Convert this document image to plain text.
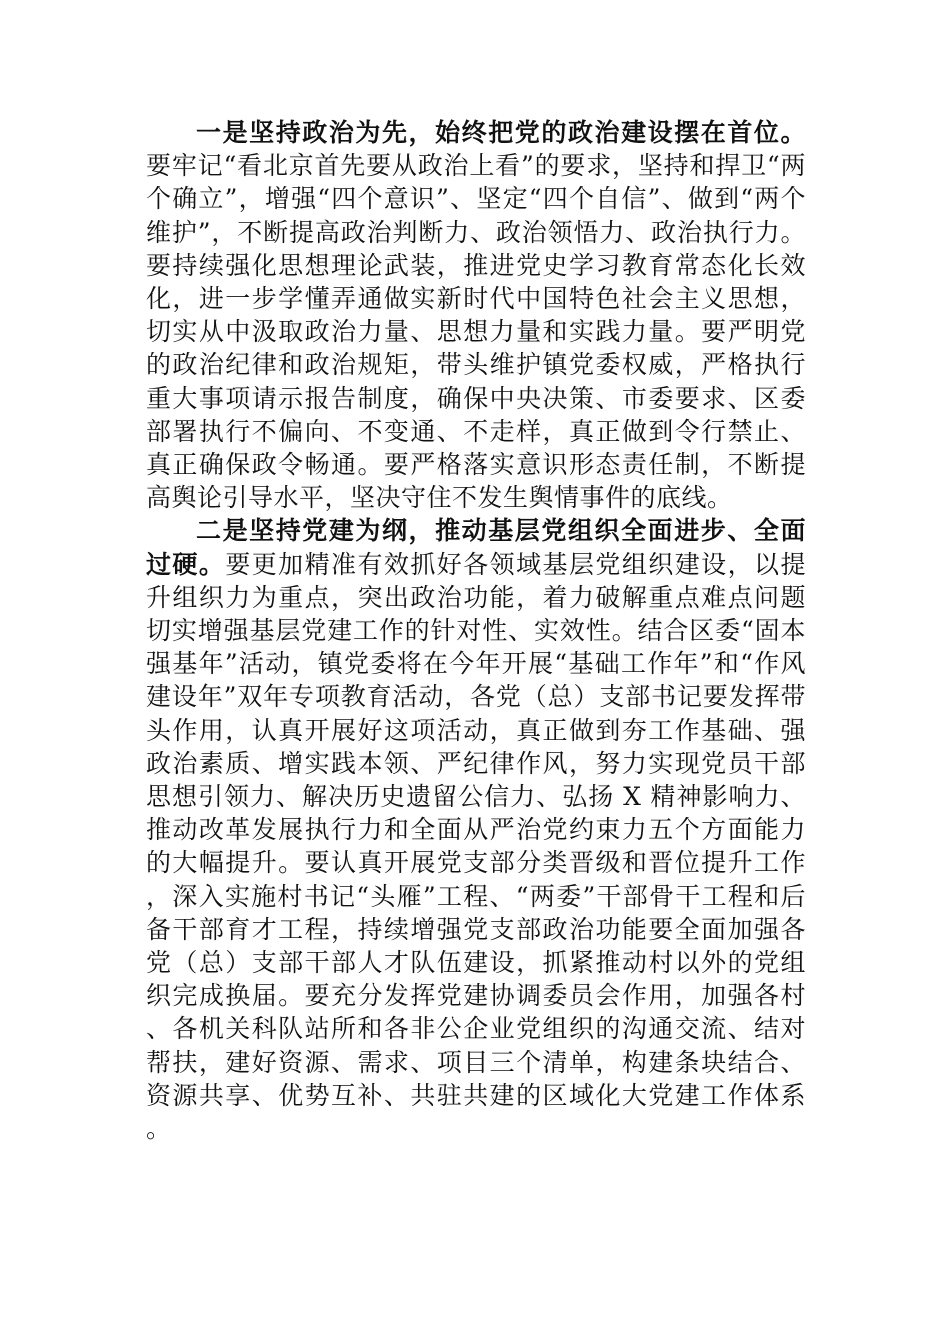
一是坚持政治为先，始终把党的政治建设摆在首位。要牢记“看北京首先要从政治上看”的要求，坚持和捍卫“两个确立”，增强“四个意识”、坚定“四个自信”、做到“两个维护”，不断提高政治判断力、政治领悟力、政治执行力。要持续强化思想理论武装，推进党史学习教育常态化长效化，进一步学懂弄通做实新时代中国特色社会主义思想，切实从中汲取政治力量、思想力量和实践力量。要严明党的政治纪律和政治规矩，带头维护镇党委权威，严格执行重大事项请示报告制度，确保中央决策、市委要求、区委部署执行不偏向、不变通、不走样，真正做到令行禁止、真正确保政令畅通。要严格落实意识形态责任制，不断提高舆论引导水平，坚决守住不发生舆情事件的底线。

二是坚持党建为纲，推动基层党组织全面进步、全面过硬。要更加精准有效抓好各领域基层党组织建设，以提升组织力为重点，突出政治功能，着力破解重点难点问题切实增强基层党建工作的针对性、实效性。结合区委“固本强基年”活动，镇党委将在今年开展“基础工作年”和“作风建设年”双年专项教育活动，各党（总）支部书记要发挥带头作用，认真开展好这项活动，真正做到夯工作基础、强政治素质、增实践本领、严纪律作风，努力实现党员干部思想引领力、解决历史遗留公信力、弘扬 X 精神影响力、推动改革发展执行力和全面从严治党约束力五个方面能力的大幅提升。要认真开展党支部分类晋级和晋位提升工作，深入实施村书记“头雁”工程、“两委”干部骨干工程和后备干部育才工程，持续增强党支部政治功能要全面加强各党（总）支部干部人才队伍建设，抓紧推动村以外的党组织完成换届。要充分发挥党建协调委员会作用，加强各村、各机关科队站所和各非公企业党组织的沟通交流、结对帮扶，建好资源、需求、项目三个清单，构建条块结合、资源共享、优势互补、共驻共建的区域化大党建工作体系。
